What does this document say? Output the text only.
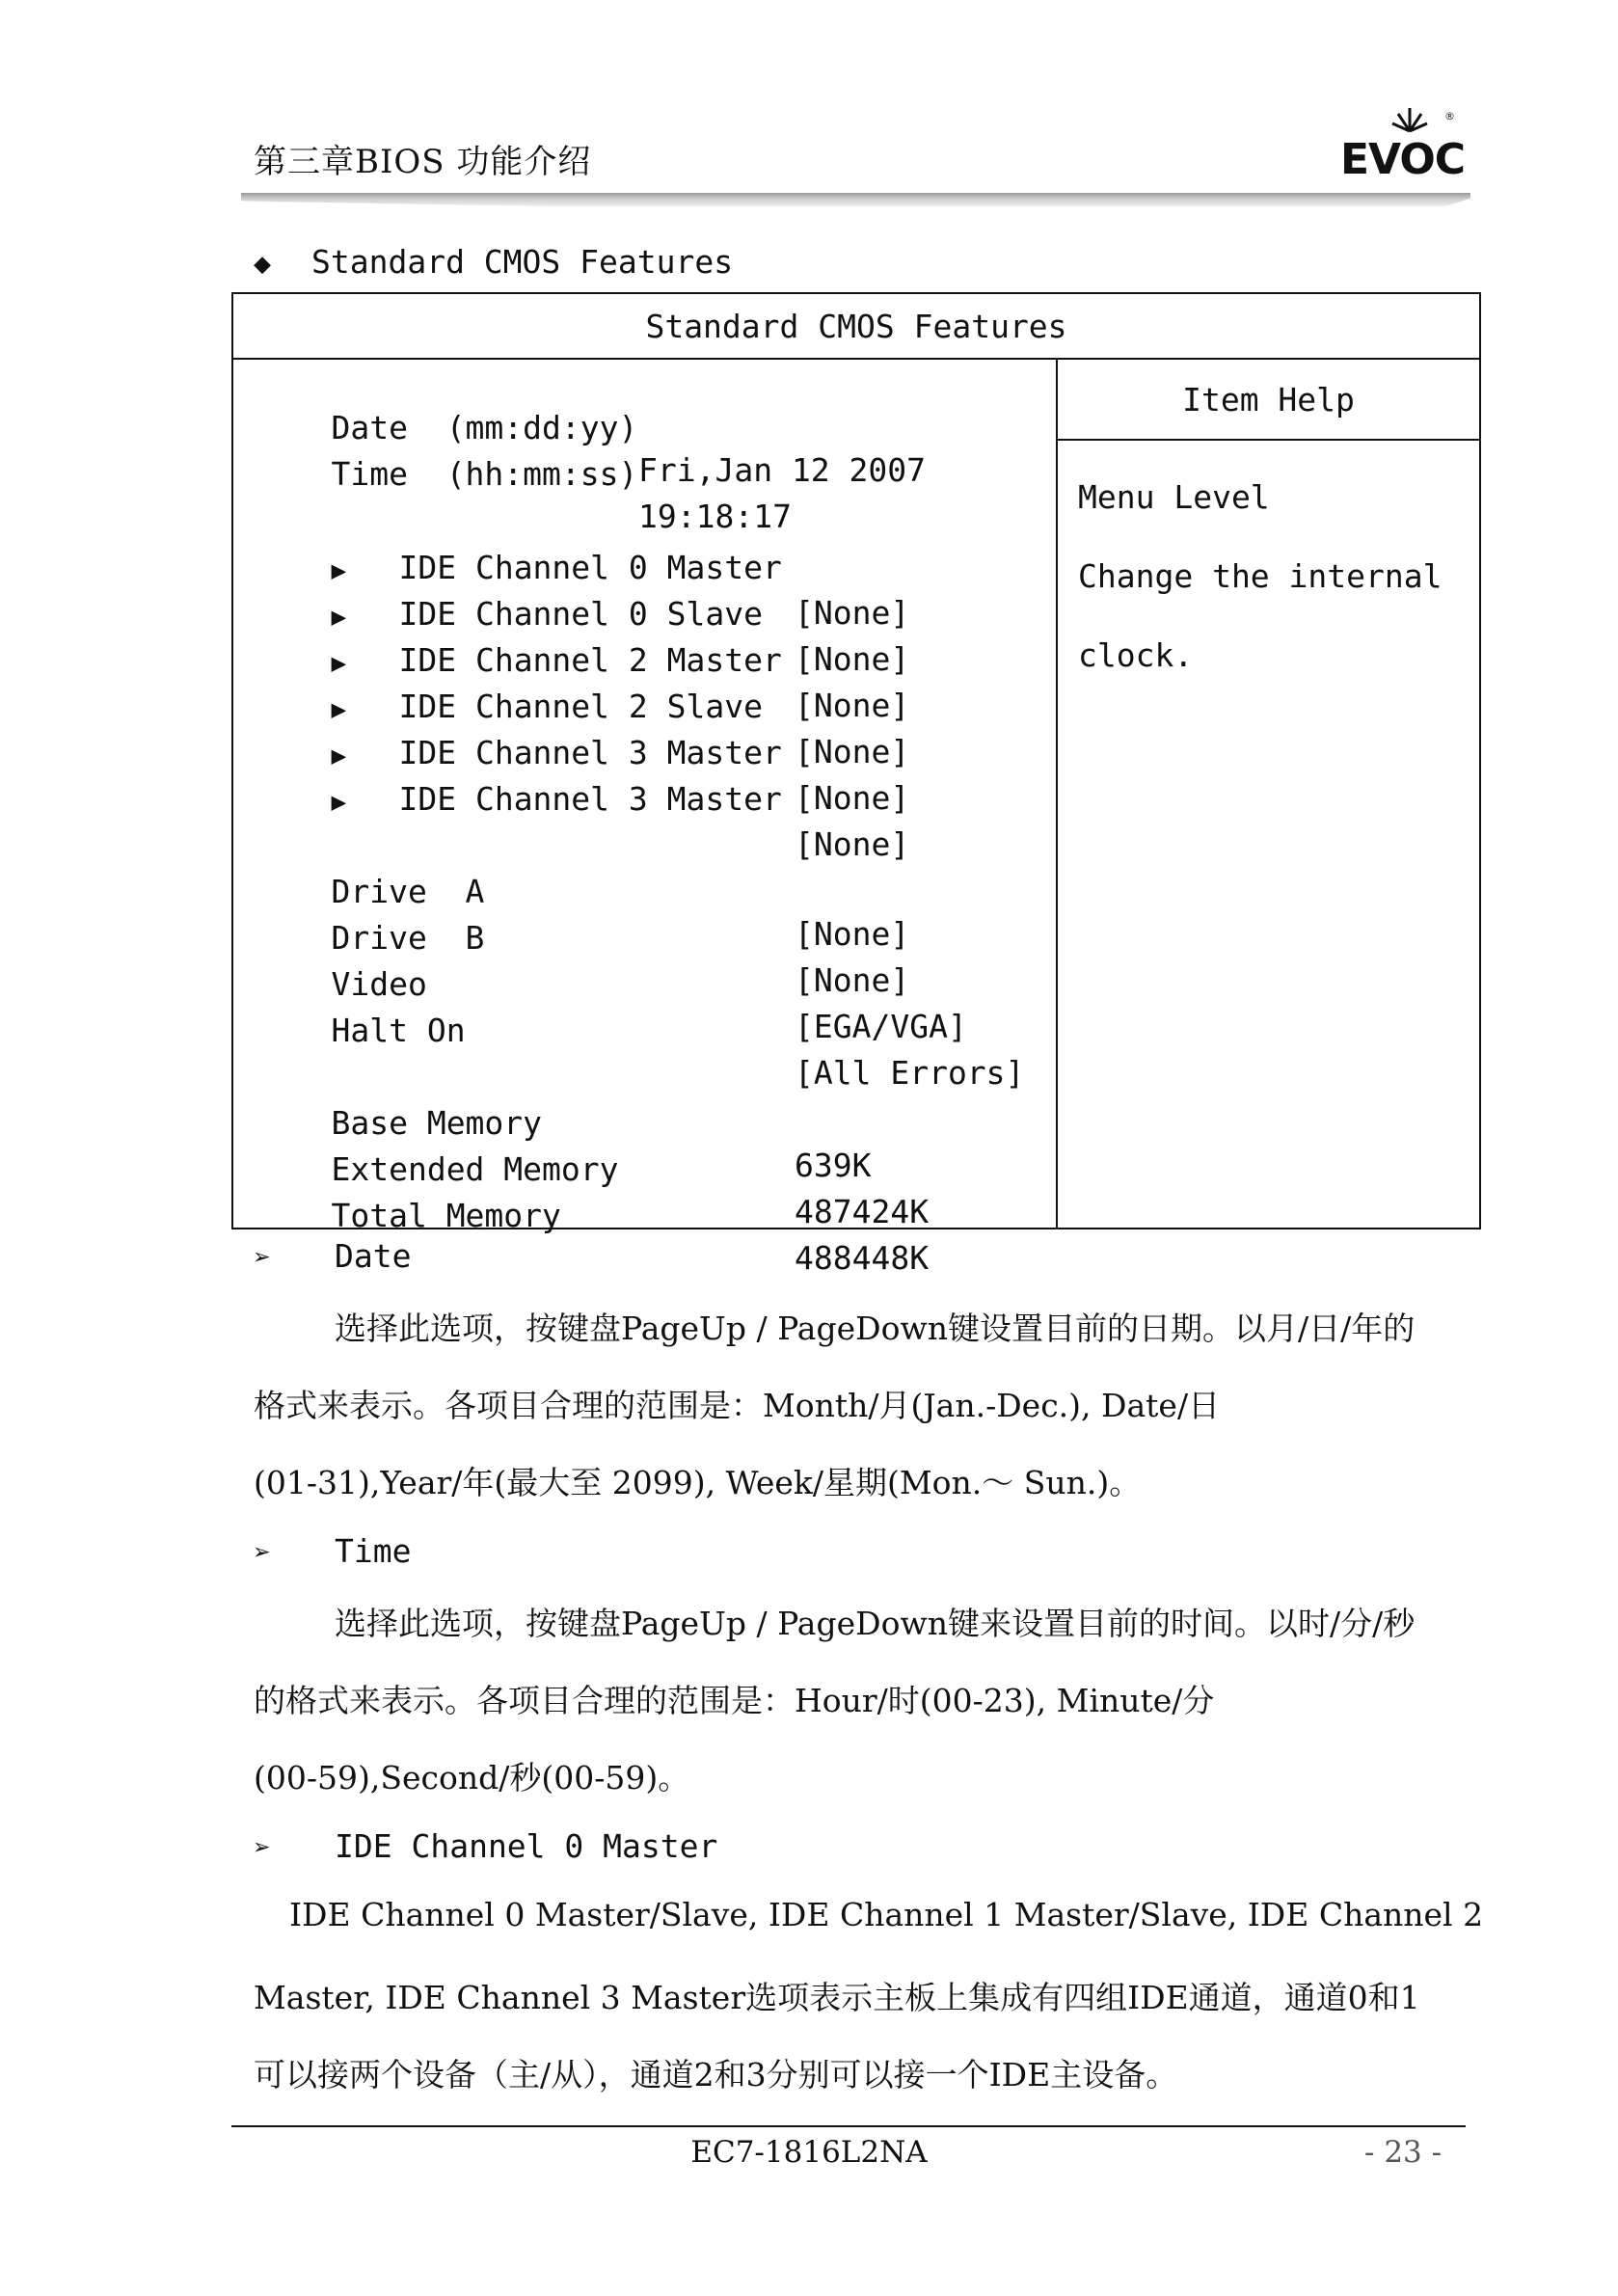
第三章BIOS 功能介绍
®
EVOC
◆ Standard CMOS Features
Standard CMOS Features
Item Help
Menu Level
Change the internal
clock.

Date  (mm:dd:yy)

Fri,Jan 12 2007

Time  (hh:mm:ss)

19:18:17

▶ IDE Channel 0 Master

[None]

▶ IDE Channel 0 Slave

[None]

▶ IDE Channel 2 Master

[None]

▶ IDE Channel 2 Slave

[None]

▶ IDE Channel 3 Master

[None]

▶ IDE Channel 3 Master

[None]

Drive  A

[None]

Drive  B

[None]

Video

[EGA/VGA]

Halt On

[All Errors]

Base Memory

639K

Extended Memory

487424K

Total Memory

488448K

➢ Date
选择此选项，按键盘PageUp / PageDown键设置目前的日期。以月/日/年的
格式来表示。各项目合理的范围是：Month/月(Jan.-Dec.), Date/日
(01-31),Year/年(最大至 2099), Week/星期(Mon.～ Sun.)。
➢ Time
选择此选项，按键盘PageUp / PageDown键来设置目前的时间。以时/分/秒
的格式来表示。各项目合理的范围是：Hour/时(00-23), Minute/分
(00-59),Second/秒(00-59)。
➢ IDE Channel 0 Master
IDE Channel 0 Master/Slave, IDE Channel 1 Master/Slave, IDE Channel 2
Master, IDE Channel 3 Master选项表示主板上集成有四组IDE通道，通道0和1
可以接两个设备（主/从），通道2和3分别可以接一个IDE主设备。
EC7-1816L2NA	- 23 -
